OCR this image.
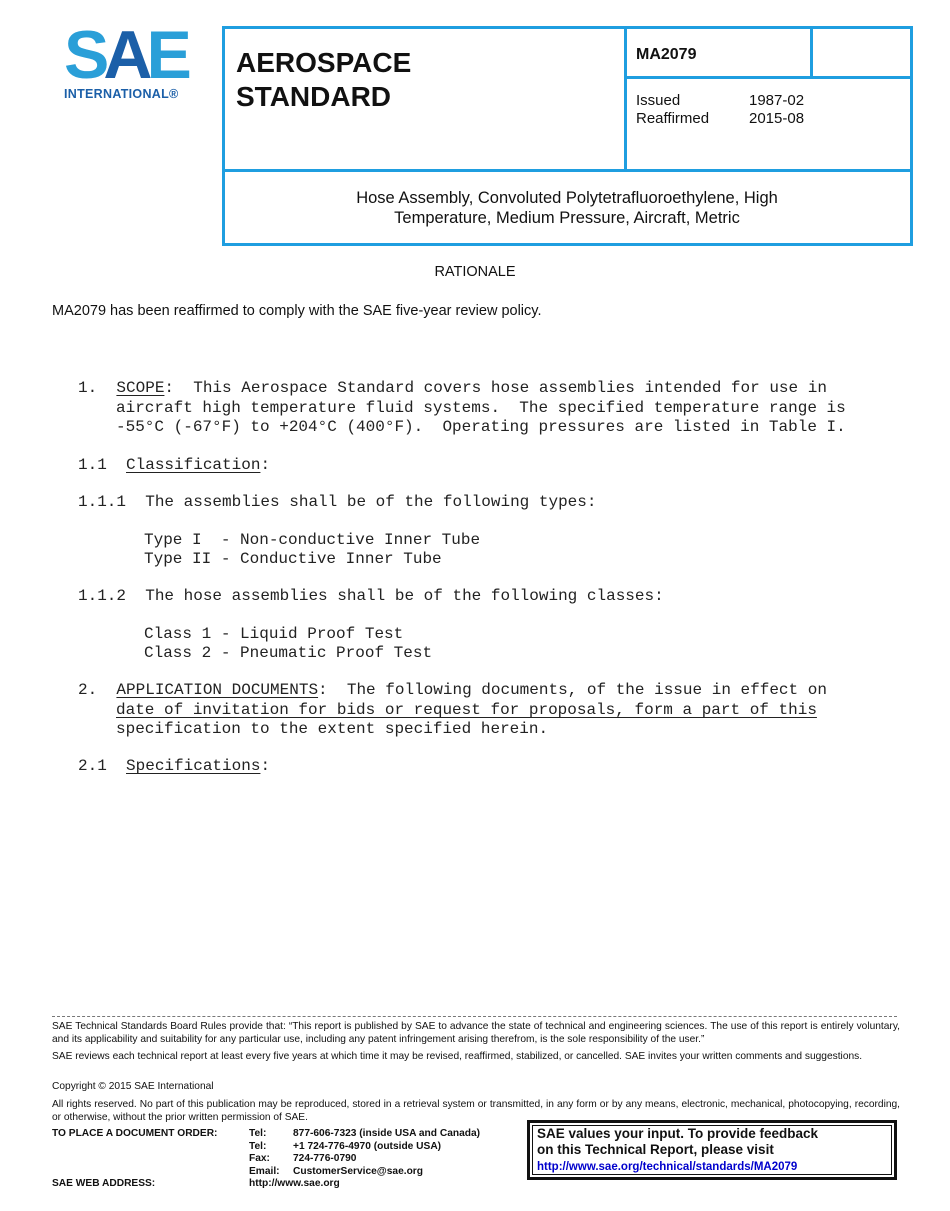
SAE
INTERNATIONAL®
AEROSPACE
STANDARD
MA2079
Issued	1987-02
Reaffirmed	2015-08
Hose Assembly, Convoluted Polytetrafluoroethylene, High
Temperature, Medium Pressure, Aircraft, Metric
RATIONALE
MA2079 has been reaffirmed to comply with the SAE five-year review policy.
1.  SCOPE:  This Aerospace Standard covers hose assemblies intended for use in
aircraft high temperature fluid systems.  The specified temperature range is
-55°C (-67°F) to +204°C (400°F).  Operating pressures are listed in Table I.
1.1  Classification:
1.1.1  The assemblies shall be of the following types:
Type I  - Non-conductive Inner Tube
Type II - Conductive Inner Tube
1.1.2  The hose assemblies shall be of the following classes:
Class 1 - Liquid Proof Test
Class 2 - Pneumatic Proof Test
2.  APPLICATION DOCUMENTS:  The following documents, of the issue in effect on
date of invitation for bids or request for proposals, form a part of this
specification to the extent specified herein.
2.1  Specifications:
SAE Technical Standards Board Rules provide that: “This report is published by SAE to advance the state of technical and engineering sciences. The use of this report is entirely voluntary, and its applicability and suitability for any particular use, including any patent infringement arising therefrom, is the sole responsibility of the user.”
SAE reviews each technical report at least every five years at which time it may be revised, reaffirmed, stabilized, or cancelled. SAE invites your written comments and suggestions.
Copyright © 2015 SAE International
All rights reserved. No part of this publication may be reproduced, stored in a retrieval system or transmitted, in any form or by any means, electronic, mechanical, photocopying, recording, or otherwise, without the prior written permission of SAE.
TO PLACE A DOCUMENT ORDER:	Tel:	877-606-7323 (inside USA and Canada)
Tel:	+1 724-776-4970 (outside USA)
Fax: 724-776-0790
Email: CustomerService@sae.org
SAE WEB ADDRESS:	http://www.sae.org
SAE values your input. To provide feedback
on this Technical Report, please visit
http://www.sae.org/technical/standards/MA2079
